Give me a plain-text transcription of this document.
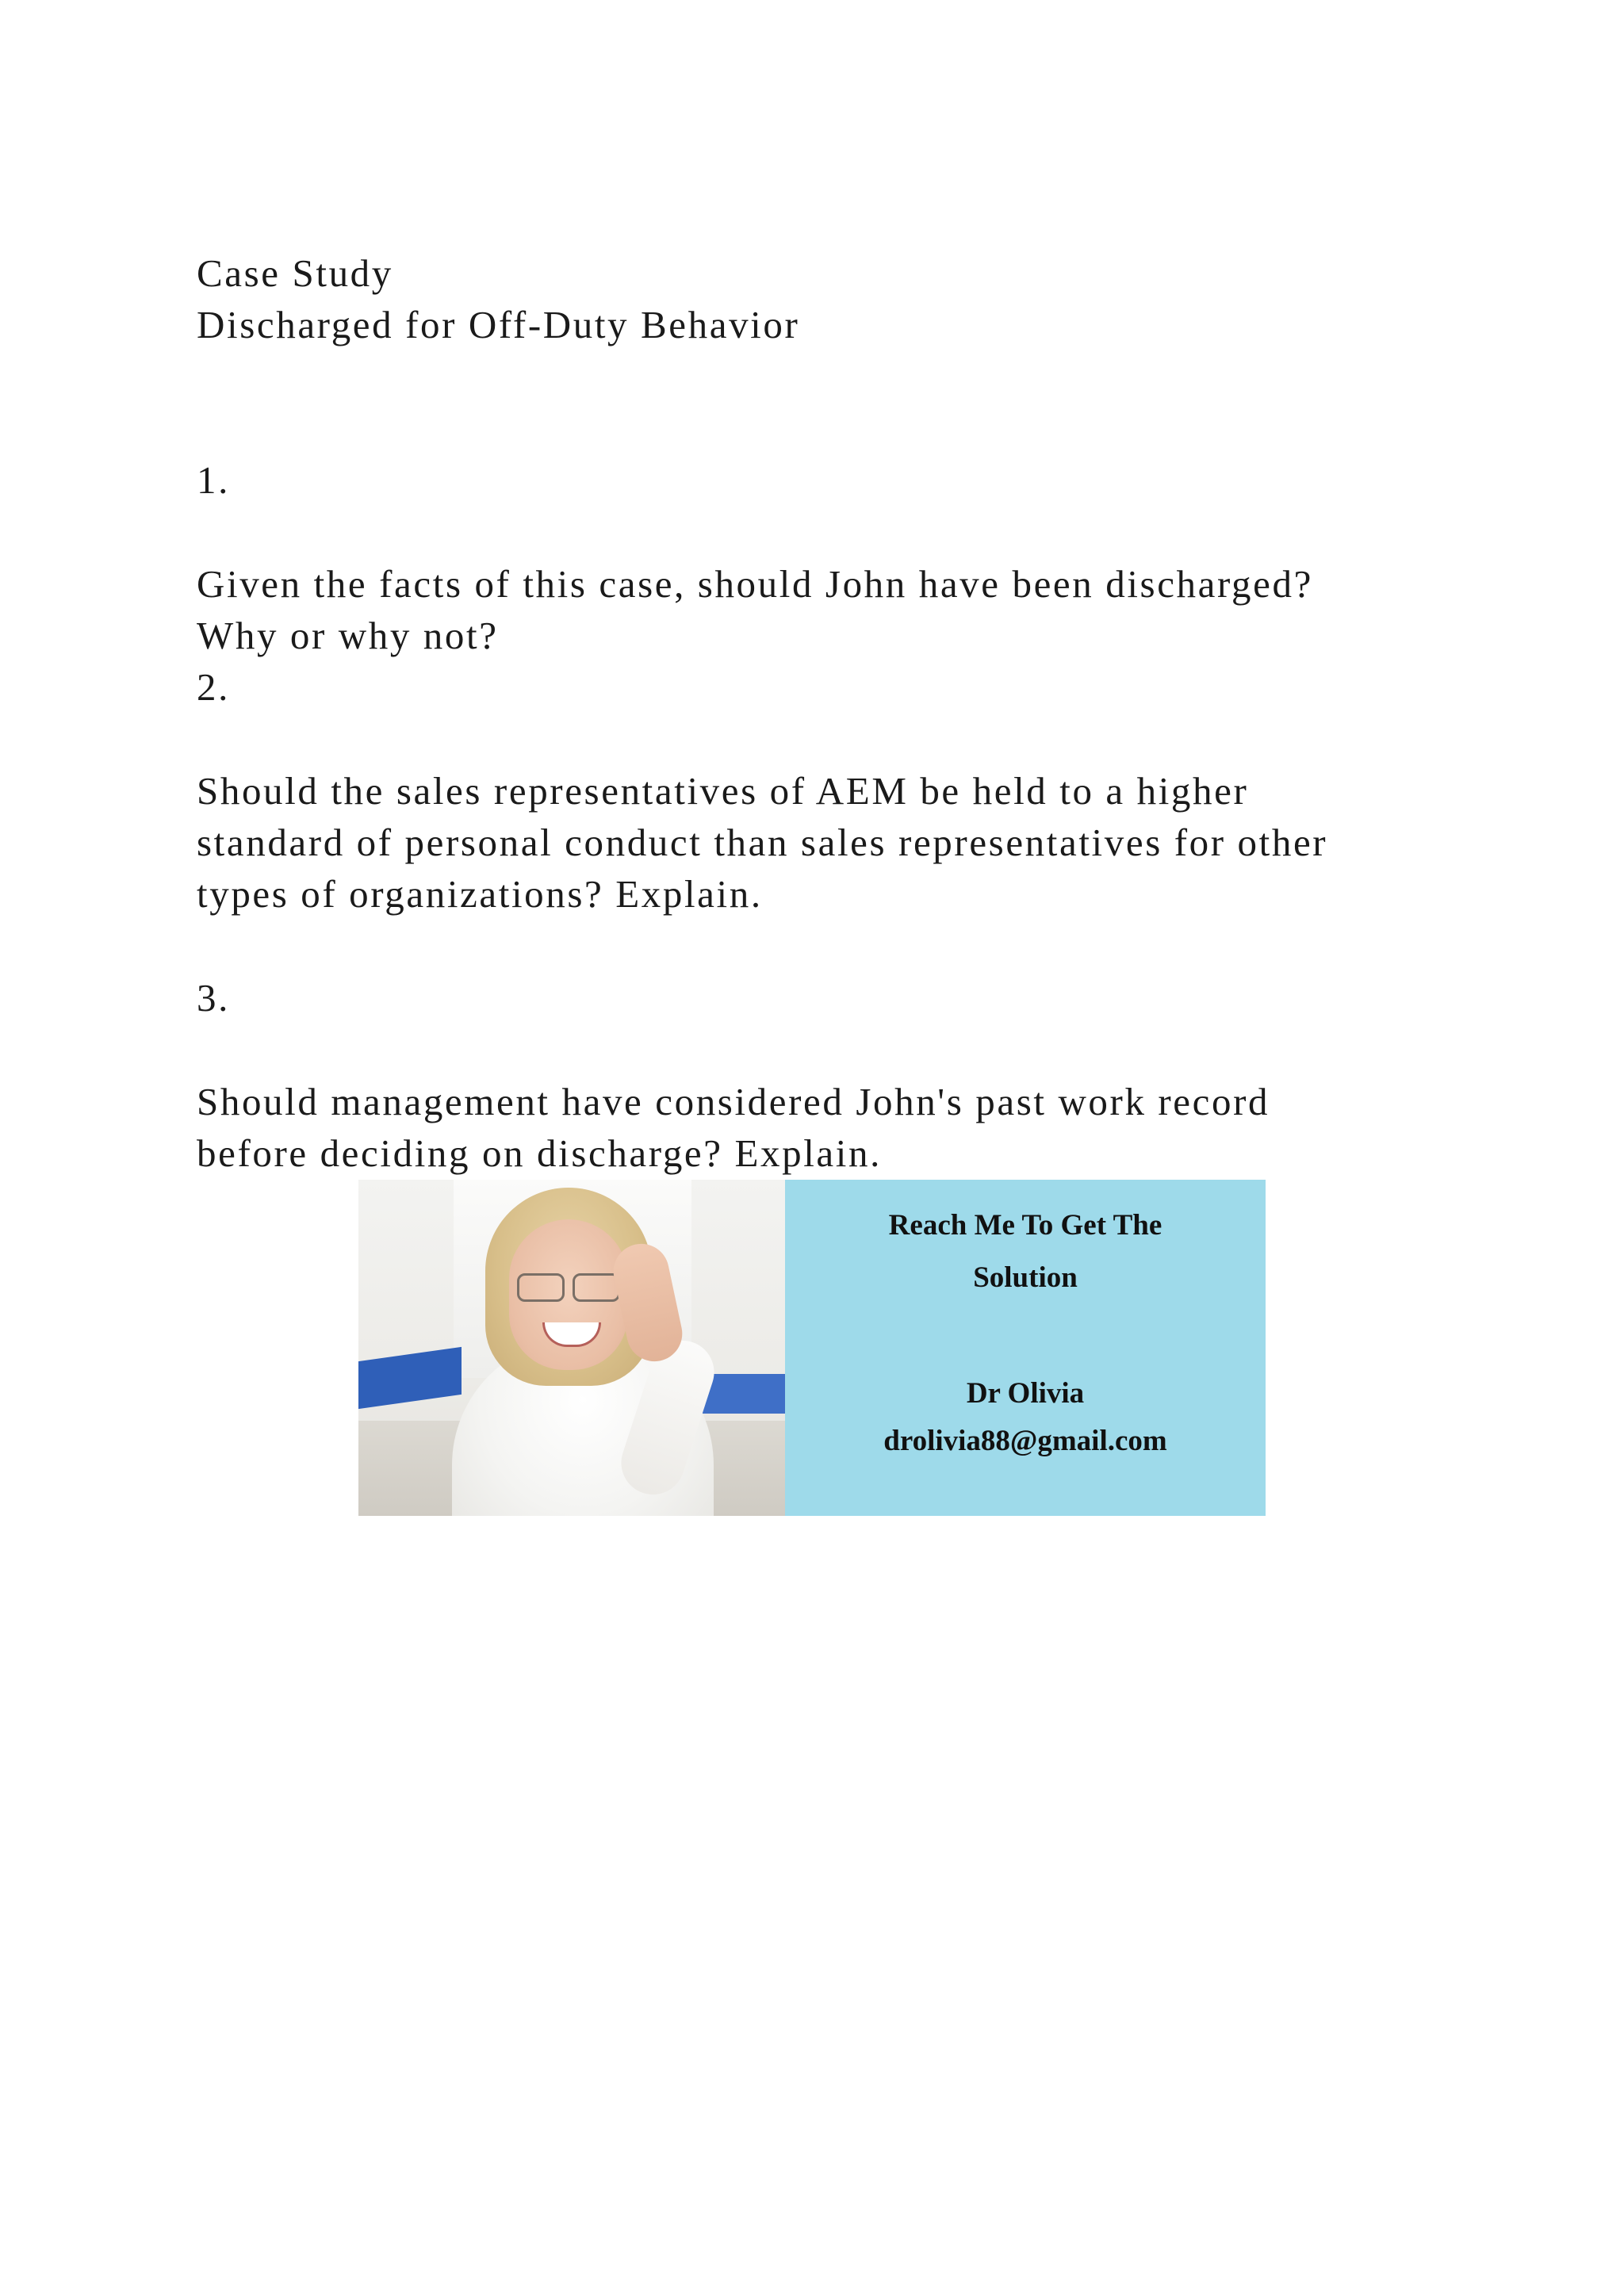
Case Study
Discharged for Off-Duty Behavior
1.
Given the facts of this case, should John have been discharged?
Why or why not?
2.
Should the sales representatives of AEM be held to a higher
standard of personal conduct than sales representatives for other
types of organizations? Explain.
3.
Should management have considered John's past work record
before deciding on discharge? Explain.
Reach Me To Get The
Solution
Dr Olivia
drolivia88@gmail.com
